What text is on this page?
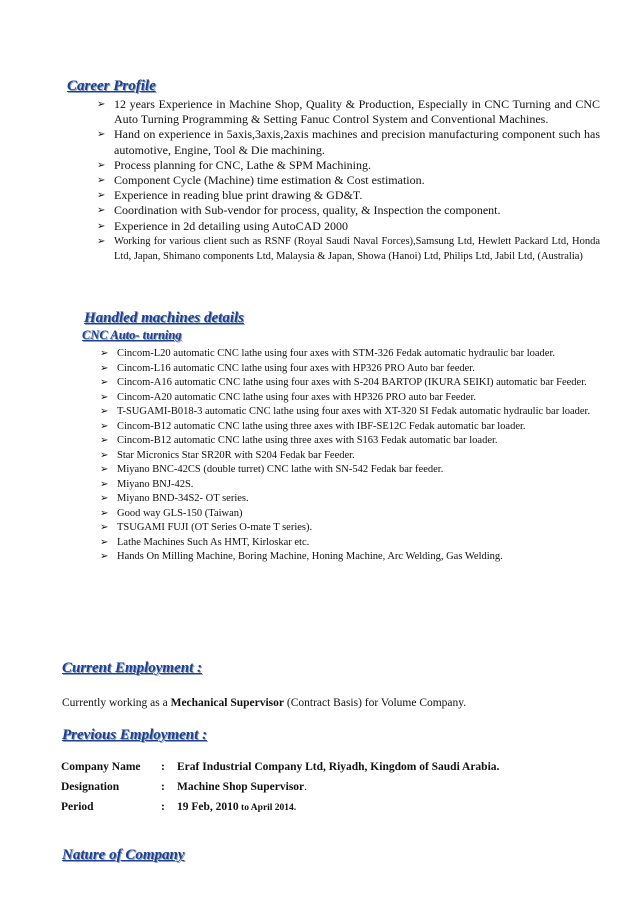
Career Profile
➢ 12 years Experience in Machine Shop, Quality & Production, Especially in CNC Turning and CNC Auto Turning Programming & Setting Fanuc Control System and Conventional Machines.
➢ Hand on experience in 5axis,3axis,2axis machines and precision manufacturing component such has automotive, Engine, Tool & Die machining.
➢ Process planning for CNC, Lathe & SPM Machining.
➢ Component Cycle (Machine) time estimation & Cost estimation.
➢ Experience in reading blue print drawing & GD&T.
➢ Coordination with Sub-vendor for process, quality, & Inspection the component.
➢ Experience in 2d detailing using AutoCAD 2000
➢ Working for various client such as RSNF (Royal Saudi Naval Forces),Samsung Ltd, Hewlett Packard Ltd, Honda Ltd, Japan, Shimano components Ltd, Malaysia & Japan, Showa (Hanoi) Ltd, Philips Ltd, Jabil Ltd, (Australia)
Handled machines details
CNC Auto- turning
➢ Cincom-L20 automatic CNC lathe using four axes with STM-326 Fedak automatic hydraulic bar loader.
➢ Cincom-L16 automatic CNC lathe using four axes with HP326 PRO Auto bar feeder.
➢ Cincom-A16 automatic CNC lathe using four axes with S-204 BARTOP (IKURA SEIKI) automatic bar Feeder.
➢ Cincom-A20 automatic CNC lathe using four axes with HP326 PRO auto bar Feeder.
➢ T-SUGAMI-B018-3 automatic CNC lathe using four axes with XT-320 SI Fedak automatic hydraulic bar loader.
➢ Cincom-B12 automatic CNC lathe using three axes with IBF-SE12C Fedak automatic bar loader.
➢ Cincom-B12 automatic CNC lathe using three axes with S163 Fedak automatic bar loader.
➢ Star Micronics Star SR20R with S204 Fedak bar Feeder.
➢ Miyano BNC-42CS (double turret) CNC lathe with SN-542 Fedak bar feeder.
➢ Miyano BNJ-42S.
➢ Miyano BND-34S2- OT series.
➢ Good way GLS-150 (Taiwan)
➢ TSUGAMI FUJI (OT Series O-mate T series).
➢ Lathe Machines Such As HMT, Kirloskar etc.
➢ Hands On Milling Machine, Boring Machine, Honing Machine, Arc Welding, Gas Welding.
Current Employment :
Currently working as a Mechanical Supervisor (Contract Basis) for Volume Company.
Previous Employment :
Company Name : Eraf Industrial Company Ltd, Riyadh, Kingdom of Saudi Arabia.
Designation	: Machine Shop Supervisor.
Period	: 19 Feb, 2010 to April 2014.
Nature of Company
